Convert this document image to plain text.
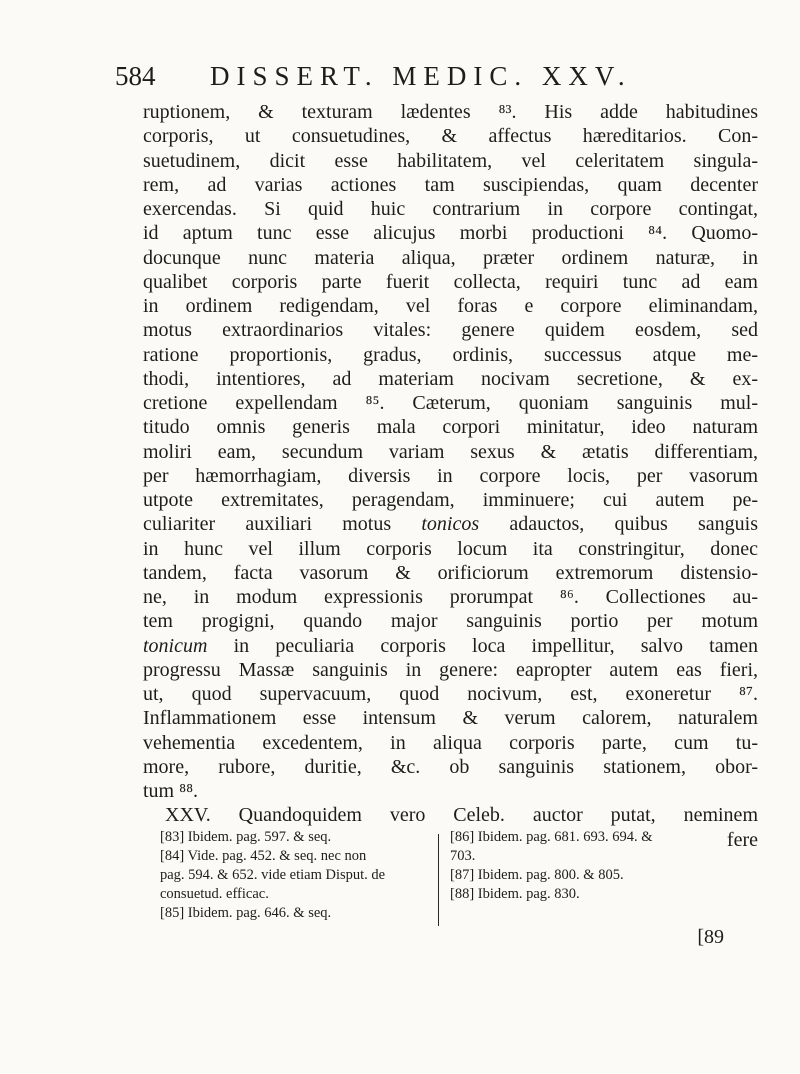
584 DISSERT. MEDIC. XXV.
ruptionem, & texturam lædentes ⁸³. His adde habitudines
corporis, ut consuetudines, & affectus hæreditarios. Con-
suetudinem, dicit esse habilitatem, vel celeritatem singula-
rem, ad varias actiones tam suscipiendas, quam decenter
exercendas. Si quid huic contrarium in corpore contingat,
id aptum tunc esse alicujus morbi productioni ⁸⁴. Quomo-
docunque nunc materia aliqua, præter ordinem naturæ, in
qualibet corporis parte fuerit collecta, requiri tunc ad eam
in ordinem redigendam, vel foras e corpore eliminandam,
motus extraordinarios vitales: genere quidem eosdem, sed
ratione proportionis, gradus, ordinis, successus atque me-
thodi, intentiores, ad materiam nocivam secretione, & ex-
cretione expellendam ⁸⁵. Cæterum, quoniam sanguinis mul-
titudo omnis generis mala corpori minitatur, ideo naturam
moliri eam, secundum variam sexus & ætatis differentiam,
per hæmorrhagiam, diversis in corpore locis, per vasorum
utpote extremitates, peragendam, imminuere; cui autem pe-
culiariter auxiliari motus tonicos adauctos, quibus sanguis
in hunc vel illum corporis locum ita constringitur, donec
tandem, facta vasorum & orificiorum extremorum distensio-
ne, in modum expressionis prorumpat ⁸⁶. Collectiones au-
tem progigni, quando major sanguinis portio per motum
tonicum in peculiaria corporis loca impellitur, salvo tamen
progressu Massæ sanguinis in genere: eapropter autem eas fieri,
ut, quod supervacuum, quod nocivum, est, exoneretur ⁸⁷.
Inflammationem esse intensum & verum calorem, naturalem
vehementia excedentem, in aliqua corporis parte, cum tu-
more, rubore, duritie, &c. ob sanguinis stationem, obor-
tum ⁸⁸.
XXV. Quandoquidem vero Celeb. auctor putat, neminem
fere
[83] Ibidem. pag. 597. & seq.
[84] Vide. pag. 452. & seq. nec non
pag. 594. & 652. vide etiam Disput. de
consuetud. efficac.
[85] Ibidem. pag. 646. & seq.
[86] Ibidem. pag. 681. 693. 694. &
703.
[87] Ibidem. pag. 800. & 805.
[88] Ibidem. pag. 830.
[89
